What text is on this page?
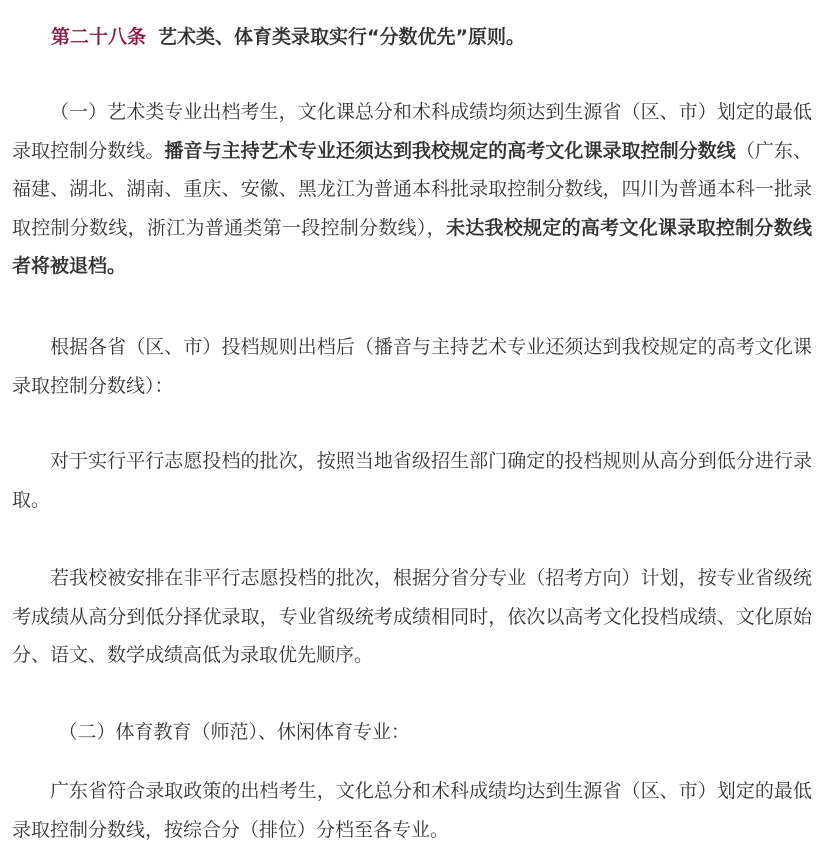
第二十八条 艺术类、体育类录取实行“分数优先”原则。

（一）艺术类专业出档考生，文化课总分和术科成绩均须达到生源省（区、市）划定的最低录取控制分数线。播音与主持艺术专业还须达到我校规定的高考文化课录取控制分数线（广东、福建、湖北、湖南、重庆、安徽、黑龙江为普通本科批录取控制分数线，四川为普通本科一批录取控制分数线，浙江为普通类第一段控制分数线），未达我校规定的高考文化课录取控制分数线者将被退档。

根据各省（区、市）投档规则出档后（播音与主持艺术专业还须达到我校规定的高考文化课录取控制分数线）：

对于实行平行志愿投档的批次，按照当地省级招生部门确定的投档规则从高分到低分进行录取。

若我校被安排在非平行志愿投档的批次，根据分省分专业（招考方向）计划，按专业省级统考成绩从高分到低分择优录取，专业省级统考成绩相同时，依次以高考文化投档成绩、文化原始分、语文、数学成绩高低为录取优先顺序。

（二）体育教育（师范）、休闲体育专业：

广东省符合录取政策的出档考生，文化总分和术科成绩均达到生源省（区、市）划定的最低录取控制分数线，按综合分（排位）分档至各专业。
